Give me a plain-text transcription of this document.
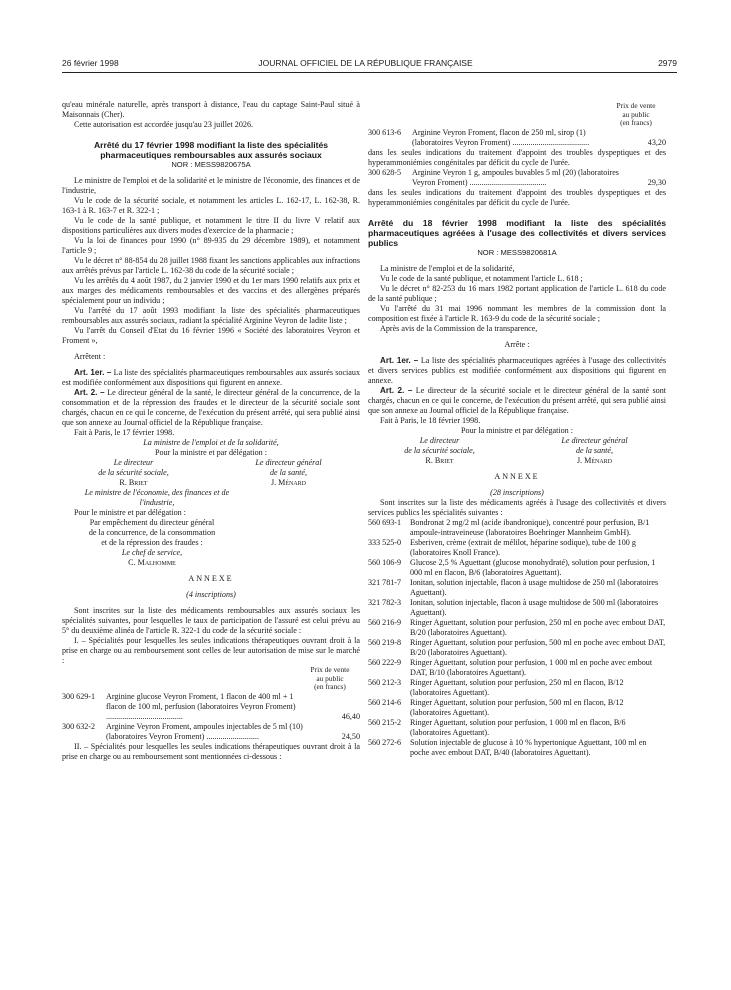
26 février 1998	JOURNAL OFFICIEL DE LA RÉPUBLIQUE FRANÇAISE	2979

qu'eau minérale naturelle, après transport à distance, l'eau du captage Saint-Paul situé à Maisonnais (Cher).

Cette autorisation est accordée jusqu'au 23 juillet 2026.

Arrêté du 17 février 1998 modifiant la liste des spécialités pharmaceutiques remboursables aux assurés sociaux

NOR : MESS9820675A

Le ministre de l'emploi et de la solidarité et le ministre de l'économie, des finances et de l'industrie,

Vu le code de la sécurité sociale, et notamment les articles L. 162-17, L. 162-38, R. 163-1 à R. 163-7 et R. 322-1 ;

Vu le code de la santé publique, et notamment le titre II du livre V relatif aux dispositions particulières aux divers modes d'exercice de la pharmacie ;

Vu la loi de finances pour 1990 (n° 89-935 du 29 décembre 1989), et notamment l'article 9 ;

Vu le décret n° 88-854 du 28 juillet 1988 fixant les sanctions applicables aux infractions aux arrêtés prévus par l'article L. 162-38 du code de la sécurité sociale ;

Vu les arrêtés du 4 août 1987, du 2 janvier 1990 et du 1er mars 1990 relatifs aux prix et aux marges des médicaments remboursables et des vaccins et des allergènes préparés spécialement pour un individu ;

Vu l'arrêté du 17 août 1993 modifiant la liste des spécialités pharmaceutiques remboursables aux assurés sociaux, radiant la spécialité Arginine Veyron de ladite liste ;

Vu l'arrêt du Conseil d'Etat du 16 février 1996 « Société des laboratoires Veyron et Froment »,

Arrêtent :

Art. 1er. – La liste des spécialités pharmaceutiques remboursables aux assurés sociaux est modifiée conformément aux dispositions qui figurent en annexe.

Art. 2. – Le directeur général de la santé, le directeur général de la concurrence, de la consommation et de la répression des fraudes et le directeur de la sécurité sociale sont chargés, chacun en ce qui le concerne, de l'exécution du présent arrêté, qui sera publié ainsi que son annexe au Journal officiel de la République française.

Fait à Paris, le 17 février 1998.

La ministre de l'emploi et de la solidarité,

Pour la ministre et par délégation :

Le directeur
de la sécurité sociale,
R. Briet
Le directeur général
de la santé,
J. Ménard

Le ministre de l'économie, des finances et de l'industrie,

Pour le ministre et par délégation :

Par empêchement du directeur général
de la concurrence, de la consommation
et de la répression des fraudes :
Le chef de service,
C. Malhomme

ANNEXE

(4 inscriptions)

Sont inscrites sur la liste des médicaments remboursables aux assurés sociaux les spécialités suivantes, pour lesquelles le taux de participation de l'assuré est celui prévu au 5° du deuxième alinéa de l'article R. 322-1 du code de la sécurité sociale :

I. – Spécialités pour lesquelles les seules indications thérapeutiques ouvrant droit à la prise en charge ou au remboursement sont celles de leur autorisation de mise sur le marché :

Prix de vente
au public
(en francs)
300 629-1	Arginine glucose Veyron Froment, 1 flacon de 400 ml + 1 flacon de 100 ml, perfusion (laboratoires Veyron Froment) ......................................	46,40
300 632-2	Arginine Veyron Froment, ampoules injectables de 5 ml (10) (laboratoires Veyron Froment) ..........................	24,50

II. – Spécialités pour lesquelles les seules indications thérapeutiques ouvrant droit à la prise en charge ou au remboursement sont mentionnées ci-dessous :

Prix de vente
au public
(en francs)
300 613-6	Arginine Veyron Froment, flacon de 250 ml, sirop (1) (laboratoires Veyron Froment) ......................................	43,20

dans les seules indications du traitement d'appoint des troubles dyspeptiques et des hyperammoniémies congénitales par déficit du cycle de l'urée.

300 628-5	Arginine Veyron 1 g, ampoules buvables 5 ml (20) (laboratoires Veyron Froment) ......................................	29,30

dans les seules indications du traitement d'appoint des troubles dyspeptiques et des hyperammoniémies congénitales par déficit du cycle de l'urée.

Arrêté du 18 février 1998 modifiant la liste des spécialités pharmaceutiques agréées à l'usage des collectivités et divers services publics

NOR : MESS9820681A

La ministre de l'emploi et de la solidarité,

Vu le code de la santé publique, et notamment l'article L. 618 ;

Vu le décret n° 82-253 du 16 mars 1982 portant application de l'article L. 618 du code de la santé publique ;

Vu l'arrêté du 31 mai 1996 nommant les membres de la commission dont la composition est fixée à l'article R. 163-9 du code de la sécurité sociale ;

Après avis de la Commission de la transparence,

Arrête :

Art. 1er. – La liste des spécialités pharmaceutiques agréées à l'usage des collectivités et divers services publics est modifiée conformément aux dispositions qui figurent en annexe.

Art. 2. – Le directeur de la sécurité sociale et le directeur général de la santé sont chargés, chacun en ce qui le concerne, de l'exécution du présent arrêté, qui sera publié ainsi que son annexe au Journal officiel de la République française.

Fait à Paris, le 18 février 1998.

Pour la ministre et par délégation :

Le directeur
de la sécurité sociale,
R. Briet
Le directeur général
de la santé,
J. Ménard

ANNEXE

(28 inscriptions)

Sont inscrites sur la liste des médicaments agréés à l'usage des collectivités et divers services publics les spécialités suivantes :

560 693-1	Bondronat 2 mg/2 ml (acide ibandronique), concentré pour perfusion, B/1 ampoule-intraveineuse (laboratoires Boehringer Mannheim GmbH).
333 525-0	Esberiven, crème (extrait de mélilot, héparine sodique), tube de 100 g (laboratoires Knoll France).
560 106-9	Glucose 2,5 % Aguettant (glucose monohydraté), solution pour perfusion, 1 000 ml en flacon, B/6 (laboratoires Aguettant).
321 781-7	Ionitan, solution injectable, flacon à usage multidose de 250 ml (laboratoires Aguettant).
321 782-3	Ionitan, solution injectable, flacon à usage multidose de 500 ml (laboratoires Aguettant).
560 216-9	Ringer Aguettant, solution pour perfusion, 250 ml en poche avec embout DAT, B/20 (laboratoires Aguettant).
560 219-8	Ringer Aguettant, solution pour perfusion, 500 ml en poche avec embout DAT, B/20 (laboratoires Aguettant).
560 222-9	Ringer Aguettant, solution pour perfusion, 1 000 ml en poche avec embout DAT, B/10 (laboratoires Aguettant).
560 212-3	Ringer Aguettant, solution pour perfusion, 250 ml en flacon, B/12 (laboratoires Aguettant).
560 214-6	Ringer Aguettant, solution pour perfusion, 500 ml en flacon, B/12 (laboratoires Aguettant).
560 215-2	Ringer Aguettant, solution pour perfusion, 1 000 ml en flacon, B/6 (laboratoires Aguettant).
560 272-6	Solution injectable de glucose à 10 % hypertonique Aguettant, 100 ml en poche avec embout DAT, B/40 (laboratoires Aguettant).
